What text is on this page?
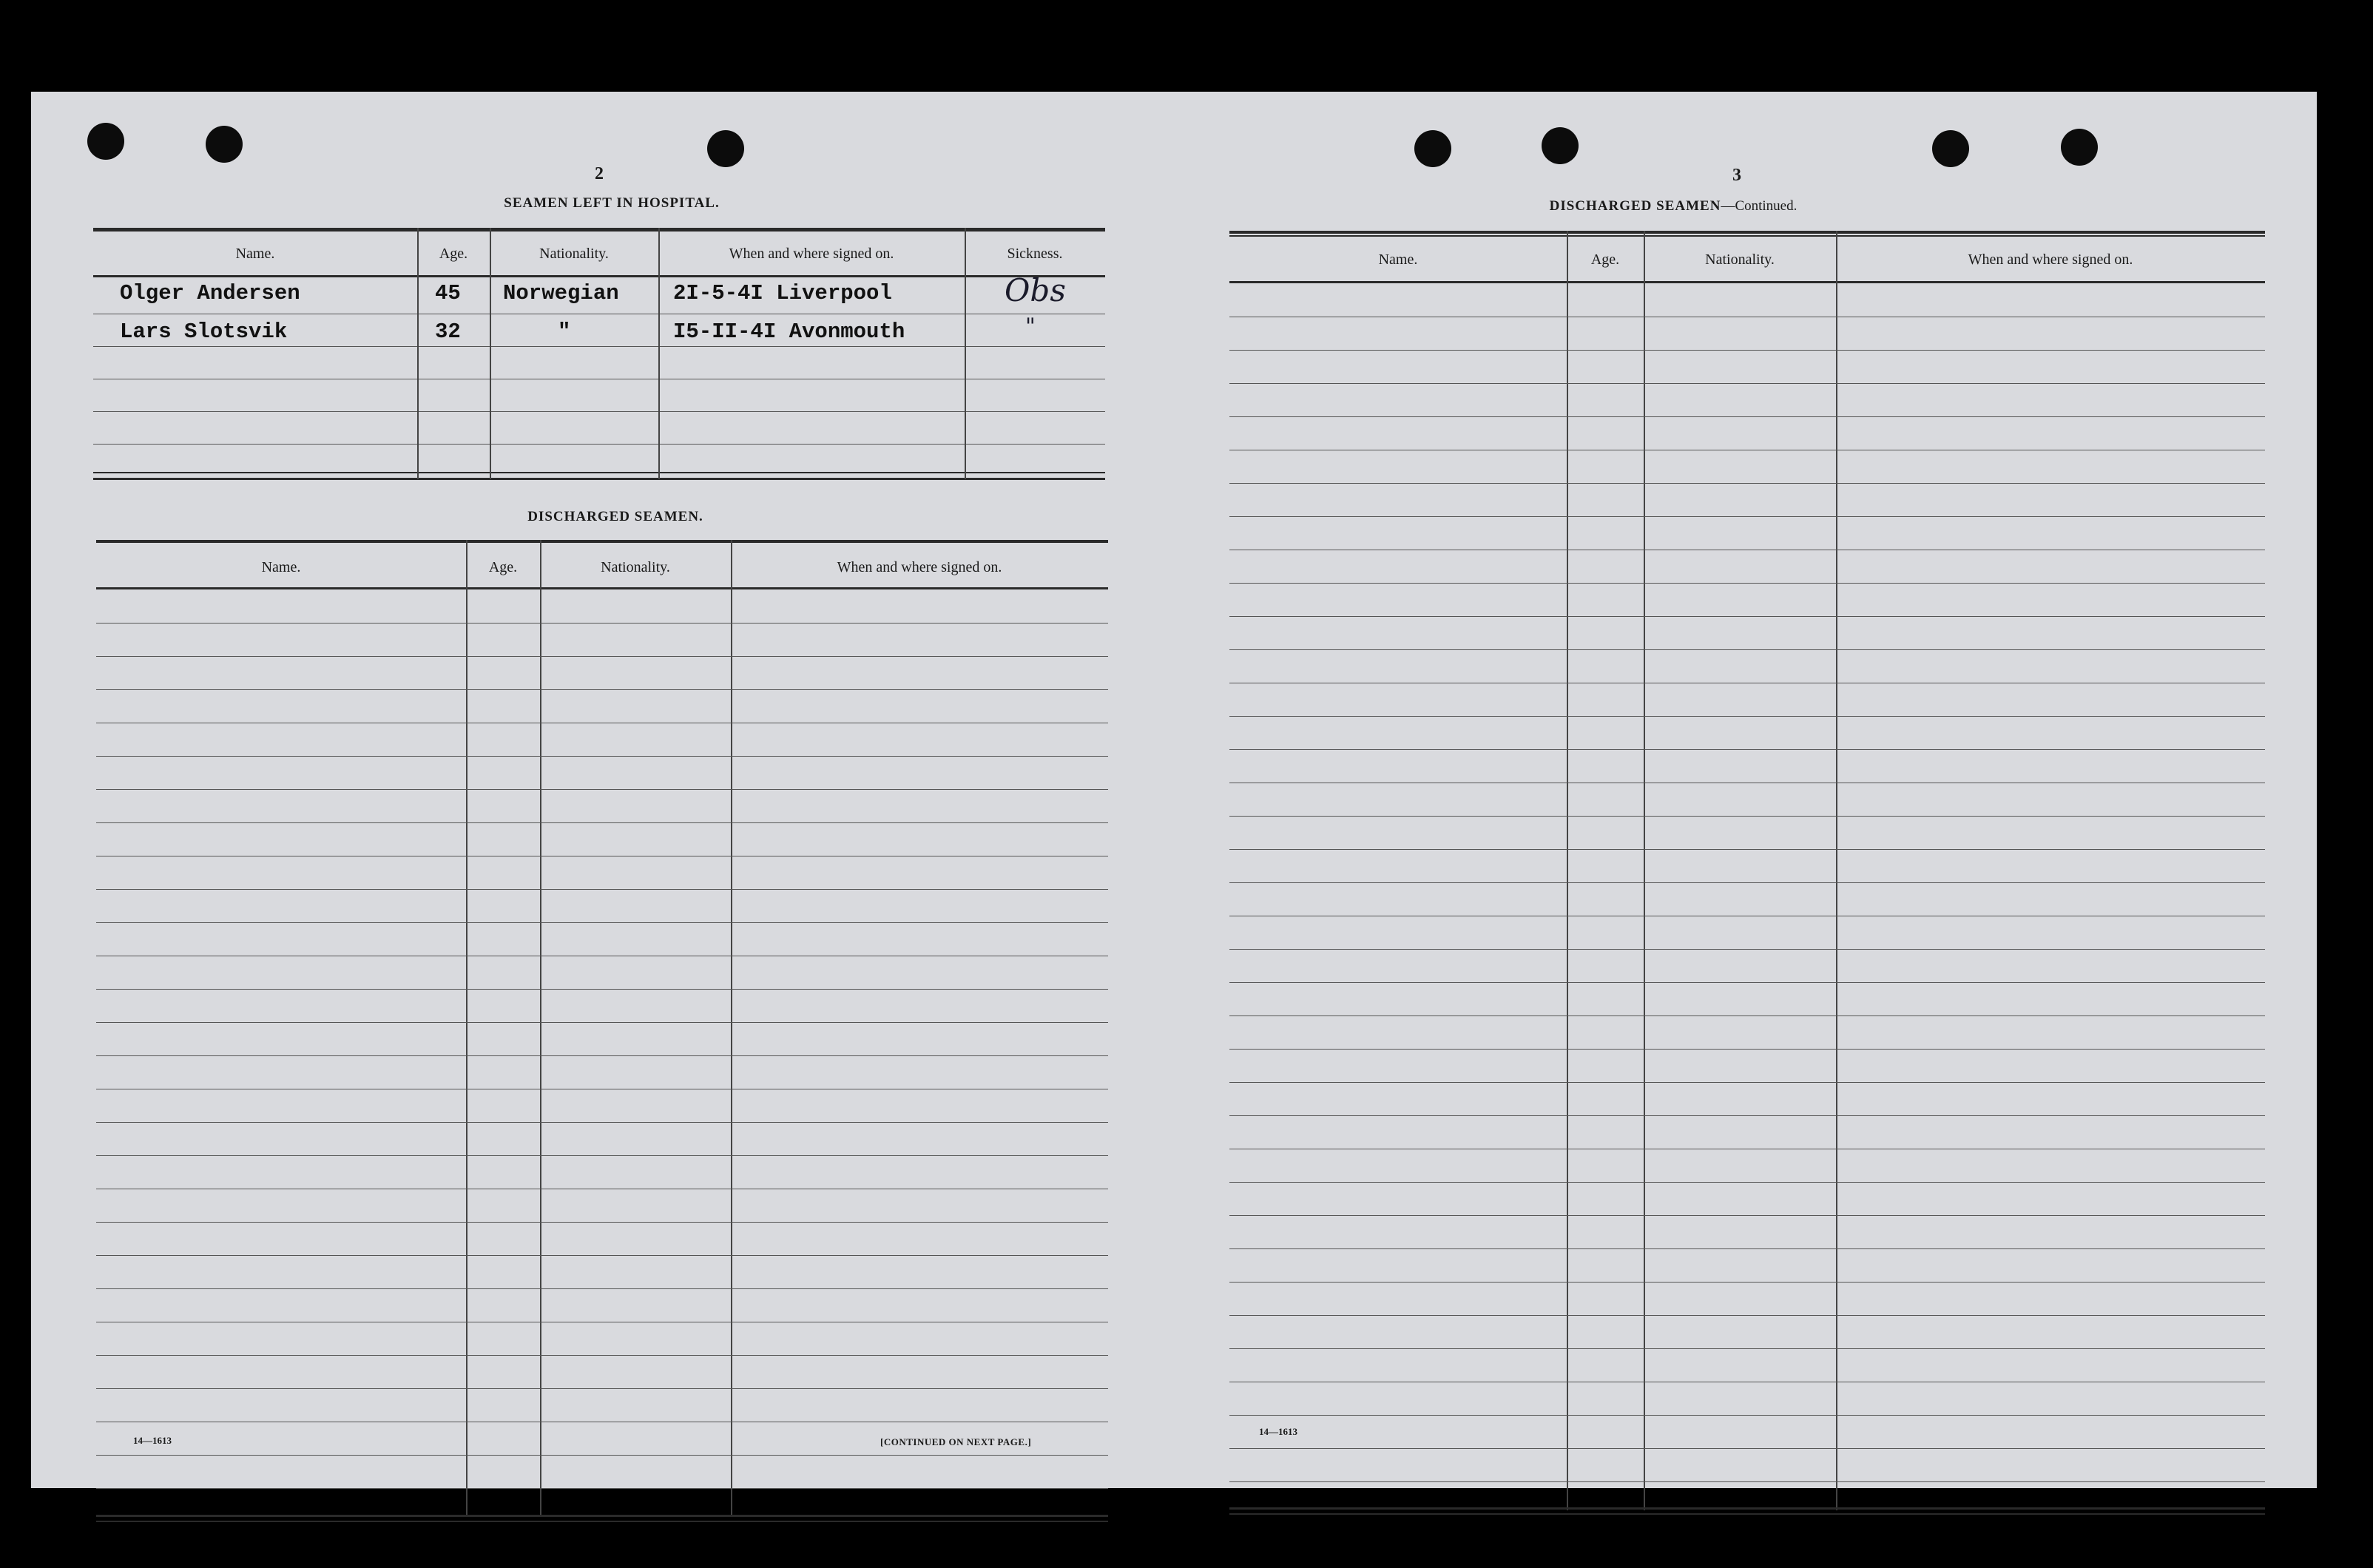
2
SEAMEN LEFT IN HOSPITAL.
Name.	Age.	Nationality.	When and where signed on.	Sickness.
Olger Andersen	45 Norwegian	2I-5-4I Liverpool	Obs
Lars Slotsvik	32	"	I5-II-4I Avonmouth	"
DISCHARGED SEAMEN.
Name.	Age.	Nationality.	When and where signed on.
14—1613	[CONTINUED ON NEXT PAGE.]
3
DISCHARGED SEAMEN—Continued.
Name.	Age.	Nationality.	When and where signed on.
14—1613
